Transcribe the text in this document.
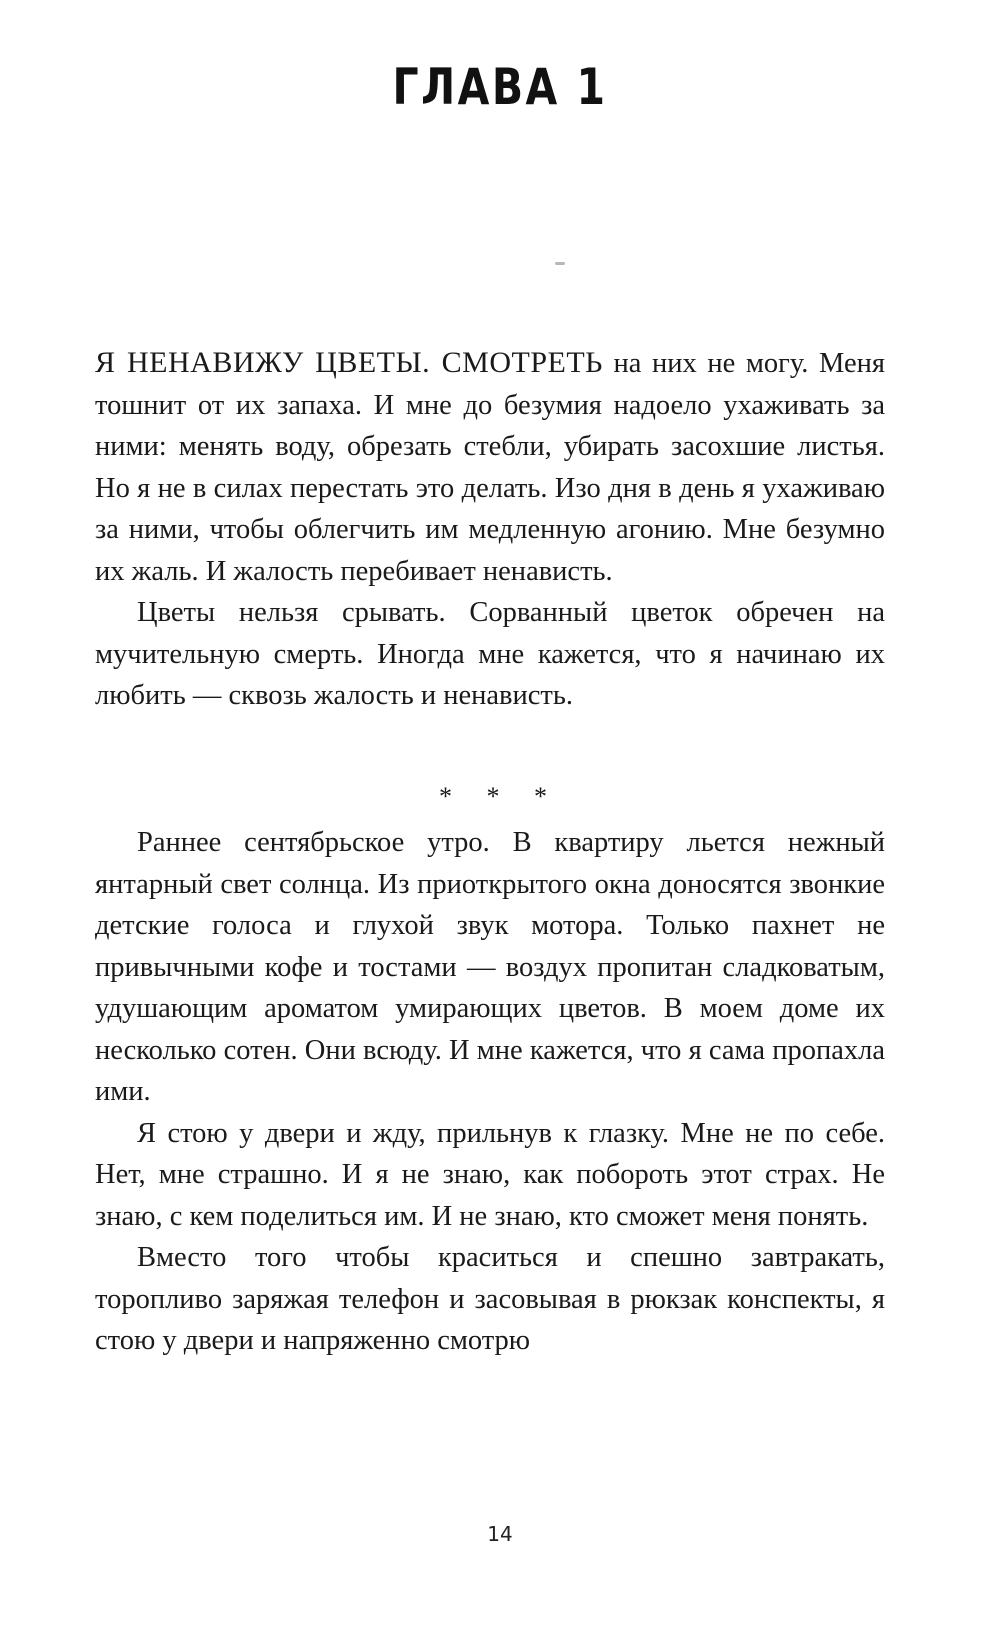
ГЛАВА 1

Я НЕНАВИЖУ ЦВЕТЫ. СМОТРЕТЬ на них не могу. Меня тошнит от их запаха. И мне до безумия надоело ухаживать за ними: менять воду, обрезать стебли, убирать засохшие листья. Но я не в силах перестать это делать. Изо дня в день я ухаживаю за ними, чтобы облегчить им медленную агонию. Мне безумно их жаль. И жалость перебивает ненависть.

Цветы нельзя срывать. Сорванный цветок обречен на мучительную смерть. Иногда мне кажется, что я начинаю их любить — сквозь жалость и ненависть.

* * *

Раннее сентябрьское утро. В квартиру льется нежный янтарный свет солнца. Из приоткрытого окна доносятся звонкие детские голоса и глухой звук мотора. Только пахнет не привычными кофе и тостами — воздух пропитан сладковатым, удушающим ароматом умирающих цветов. В моем доме их несколько сотен. Они всюду. И мне кажется, что я сама пропахла ими.

Я стою у двери и жду, прильнув к глазку. Мне не по себе. Нет, мне страшно. И я не знаю, как побороть этот страх. Не знаю, с кем поделиться им. И не знаю, кто сможет меня понять.

Вместо того чтобы краситься и спешно завтракать, торопливо заряжая телефон и засовывая в рюкзак конспекты, я стою у двери и напряженно смотрю

14
